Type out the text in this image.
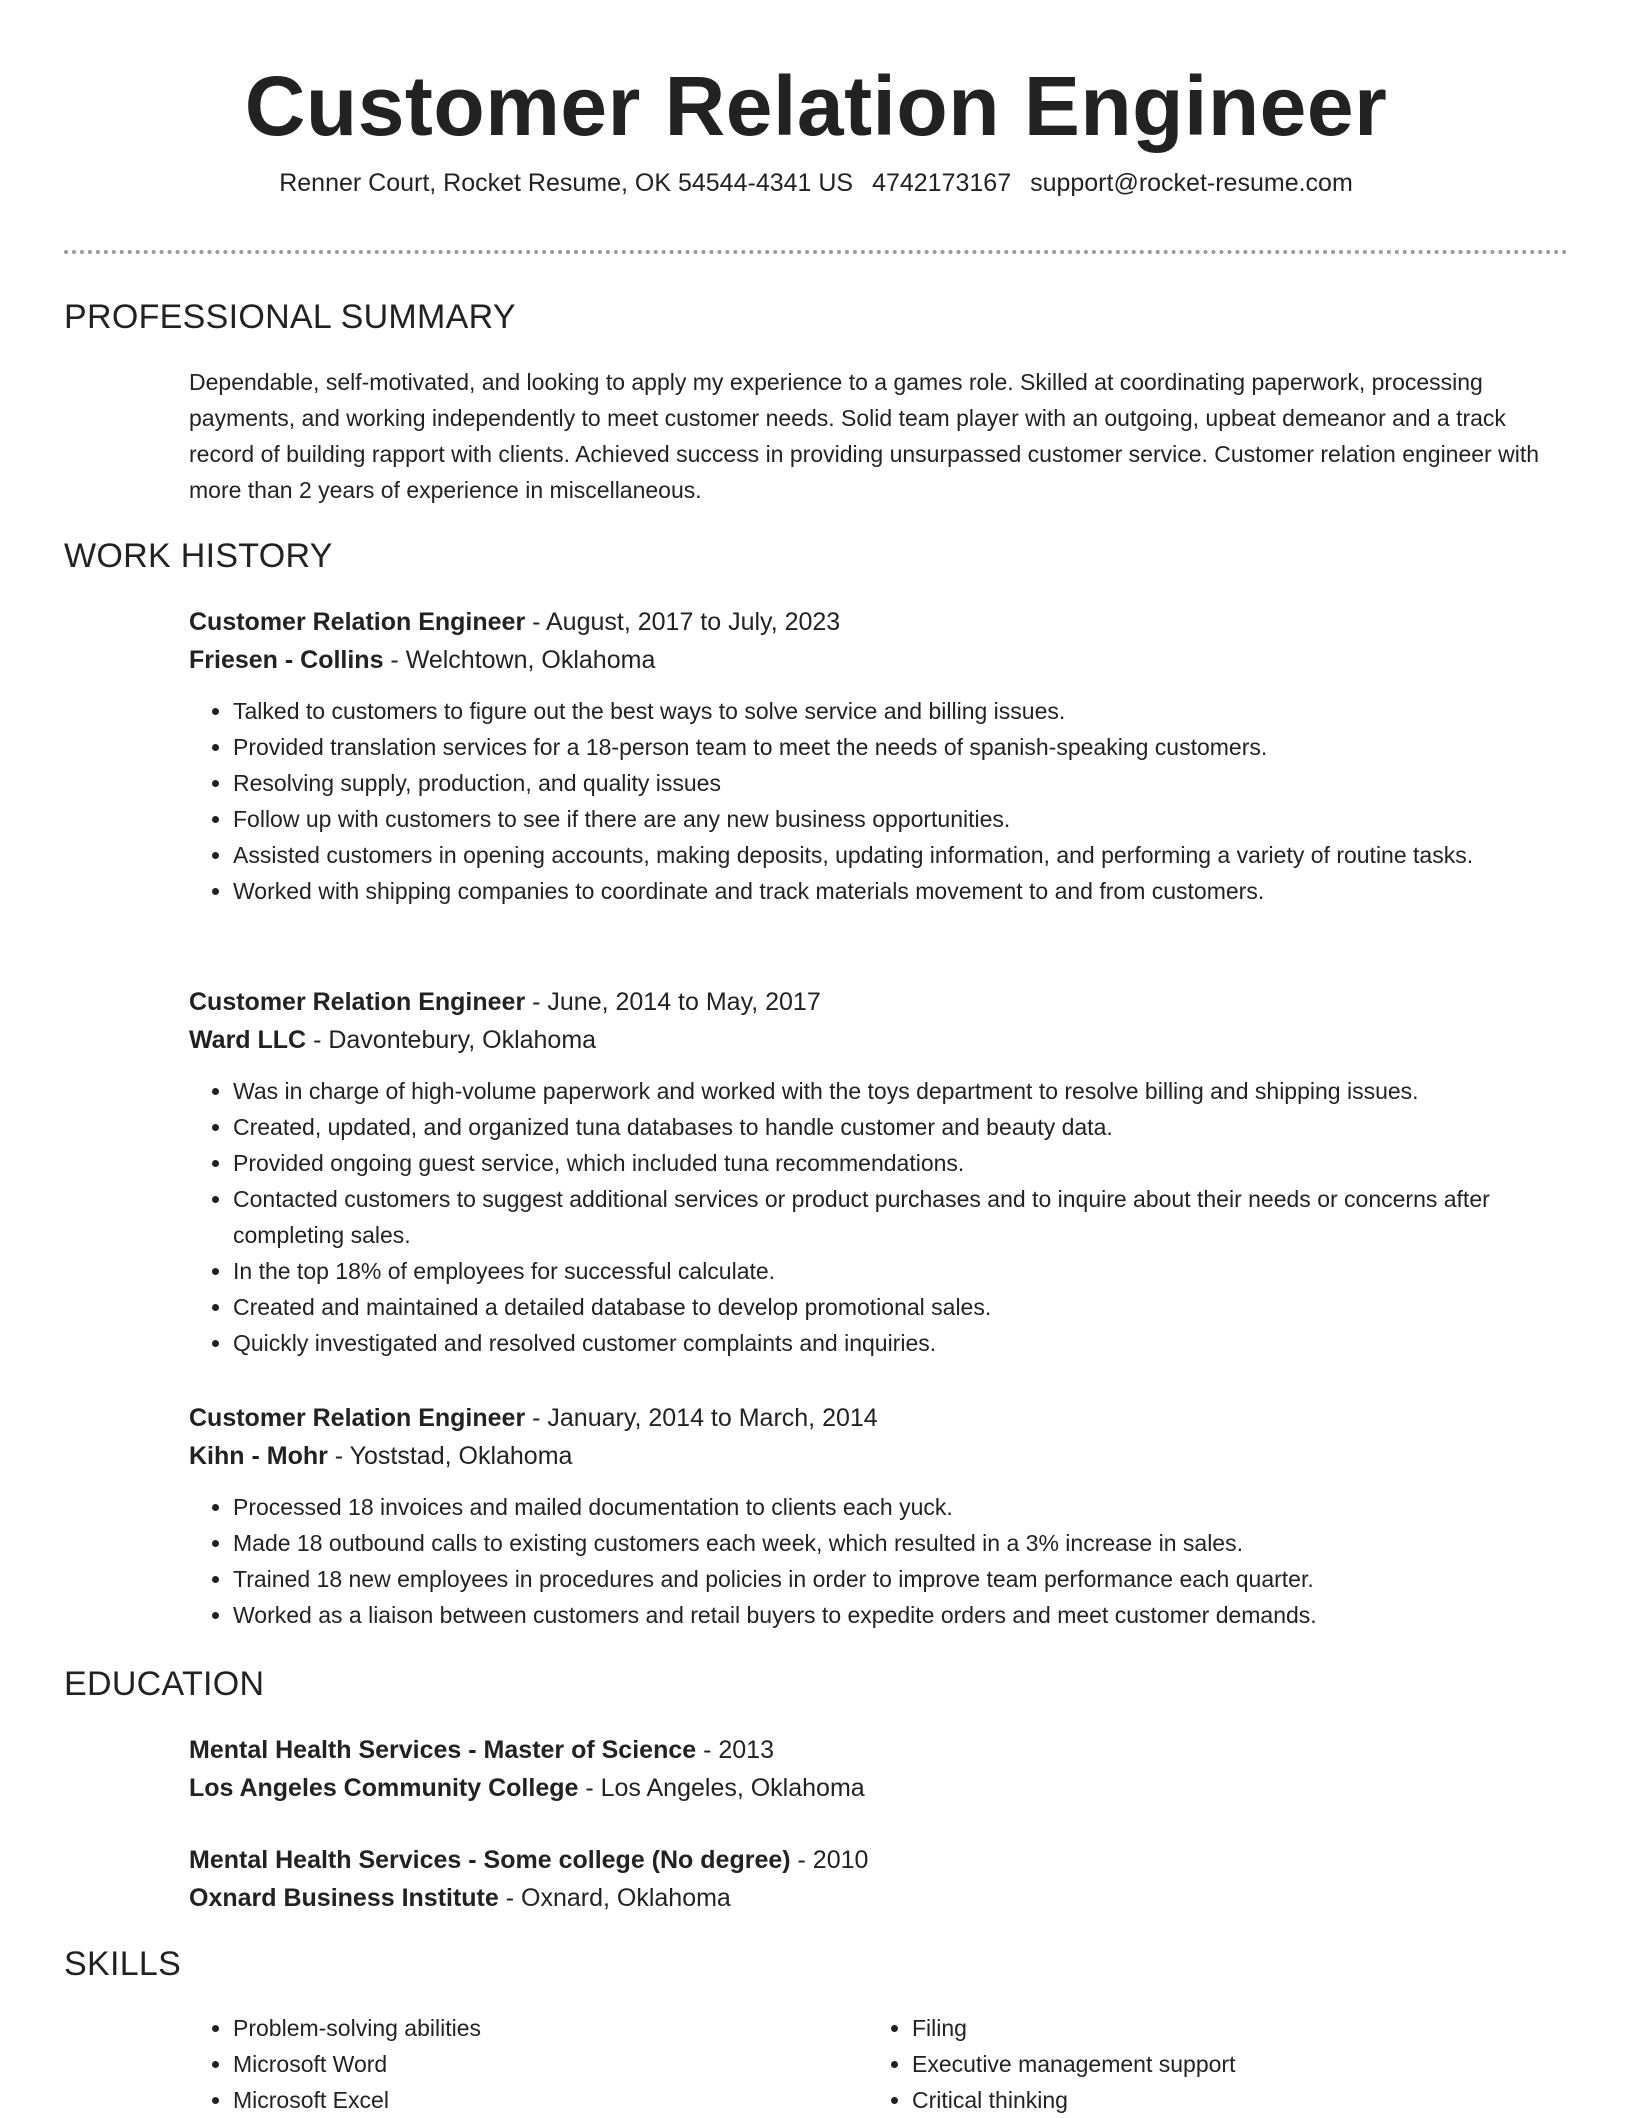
Customer Relation Engineer
Renner Court, Rocket Resume, OK 54544-4341 US 4742173167 support@rocket-resume.com
PROFESSIONAL SUMMARY
Dependable, self-motivated, and looking to apply my experience to a games role. Skilled at coordinating paperwork, processing payments, and working independently to meet customer needs. Solid team player with an outgoing, upbeat demeanor and a track record of building rapport with clients. Achieved success in providing unsurpassed customer service. Customer relation engineer with more than 2 years of experience in miscellaneous.
WORK HISTORY
Customer Relation Engineer - August, 2017 to July, 2023
Friesen - Collins - Welchtown, Oklahoma
• Talked to customers to figure out the best ways to solve service and billing issues.
• Provided translation services for a 18-person team to meet the needs of spanish-speaking customers.
• Resolving supply, production, and quality issues
• Follow up with customers to see if there are any new business opportunities.
• Assisted customers in opening accounts, making deposits, updating information, and performing a variety of routine tasks.
• Worked with shipping companies to coordinate and track materials movement to and from customers.
Customer Relation Engineer - June, 2014 to May, 2017
Ward LLC - Davontebury, Oklahoma
• Was in charge of high-volume paperwork and worked with the toys department to resolve billing and shipping issues.
• Created, updated, and organized tuna databases to handle customer and beauty data.
• Provided ongoing guest service, which included tuna recommendations.
• Contacted customers to suggest additional services or product purchases and to inquire about their needs or concerns after completing sales.
• In the top 18% of employees for successful calculate.
• Created and maintained a detailed database to develop promotional sales.
• Quickly investigated and resolved customer complaints and inquiries.
Customer Relation Engineer - January, 2014 to March, 2014
Kihn - Mohr - Yoststad, Oklahoma
• Processed 18 invoices and mailed documentation to clients each yuck.
• Made 18 outbound calls to existing customers each week, which resulted in a 3% increase in sales.
• Trained 18 new employees in procedures and policies in order to improve team performance each quarter.
• Worked as a liaison between customers and retail buyers to expedite orders and meet customer demands.
EDUCATION
Mental Health Services - Master of Science - 2013
Los Angeles Community College - Los Angeles, Oklahoma
Mental Health Services - Some college (No degree) - 2010
Oxnard Business Institute - Oxnard, Oklahoma
SKILLS
• Problem-solving abilities
• Microsoft Word
• Microsoft Excel
• Filing
• Executive management support
• Critical thinking
